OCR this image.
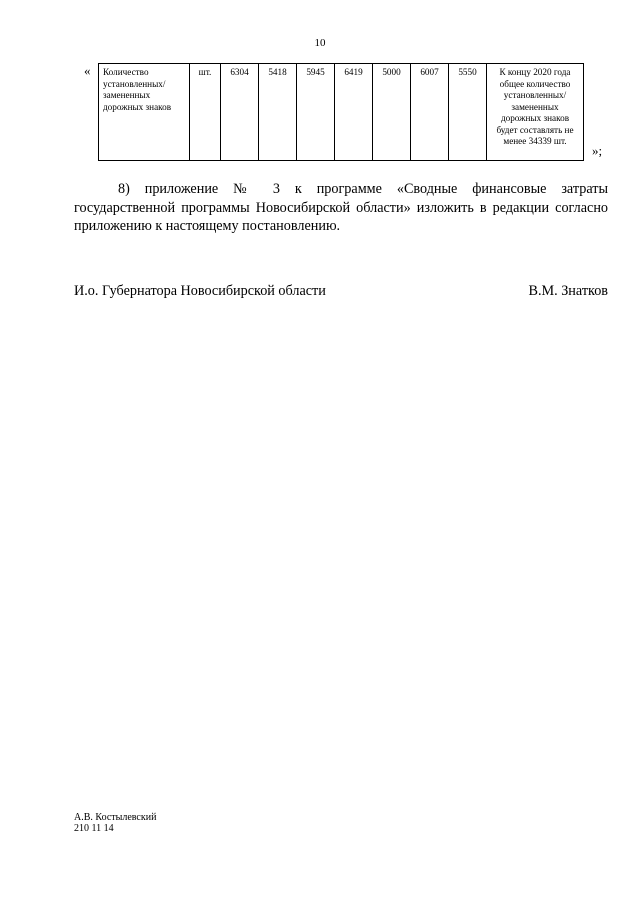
10
« Количество установленных/ замененных дорожных знаков	шт.	6304	5418	5945	6419	5000	6007	5550	К концу 2020 года общее количество установленных/ замененных дорожных знаков будет составлять не менее 34339 шт.
»;

8) приложение № 3 к программе «Сводные финансовые затраты государственной программы Новосибирской области» изложить в редакции согласно приложению к настоящему постановлению.

И.о. Губернатора Новосибирской области	В.М. Знатков
А.В. Костылевский
210 11 14
